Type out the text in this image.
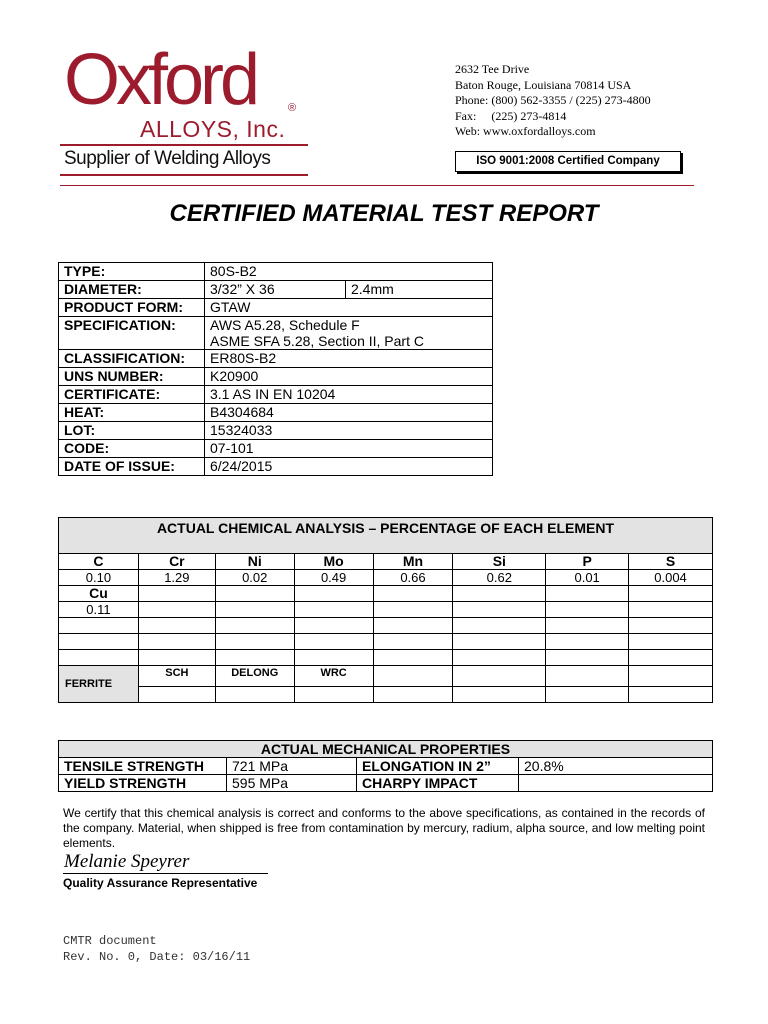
Oxford	®
ALLOYS, Inc.
Supplier of Welding Alloys
2632 Tee Drive
Baton Rouge, Louisiana 70814 USA
Phone: (800) 562-3355 / (225) 273-4800
Fax:     (225) 273-4814
Web: www.oxfordalloys.com
ISO 9001:2008 Certified Company
CERTIFIED MATERIAL TEST REPORT
TYPE:	80S-B2	
DIAMETER:	3/32” X 36	2.4mm
PRODUCT FORM:	GTAW	
SPECIFICATION:	AWS A5.28, Schedule F
ASME SFA 5.28, Section II, Part C	

CLASSIFICATION:	ER80S-B2	
UNS NUMBER:	K20900	
CERTIFICATE:	3.1 AS IN EN 10204	
HEAT:	B4304684	
LOT:	15324033	
CODE:	07-101	
DATE OF ISSUE:	6/24/2015	
ACTUAL CHEMICAL ANALYSIS – PERCENTAGE OF EACH ELEMENT							
C	Cr	Ni	Mo	Mn	Si	P	S
0.10	1.29	0.02	0.49	0.66	0.62	0.01	0.004
Cu							
0.11							

FERRITE	SCH	DELONG	WRC				

ACTUAL MECHANICAL PROPERTIES			
TENSILE STRENGTH	721 MPa	ELONGATION IN 2”	20.8%
YIELD STRENGTH	595 MPa	CHARPY IMPACT	
We certify that this chemical analysis is correct and conforms to the above specifications, as contained in the records of the company. Material, when shipped is free from contamination by mercury, radium, alpha source, and low melting point elements.
Melanie Speyrer
Quality Assurance Representative
CMTR document
Rev. No. 0, Date: 03/16/11
